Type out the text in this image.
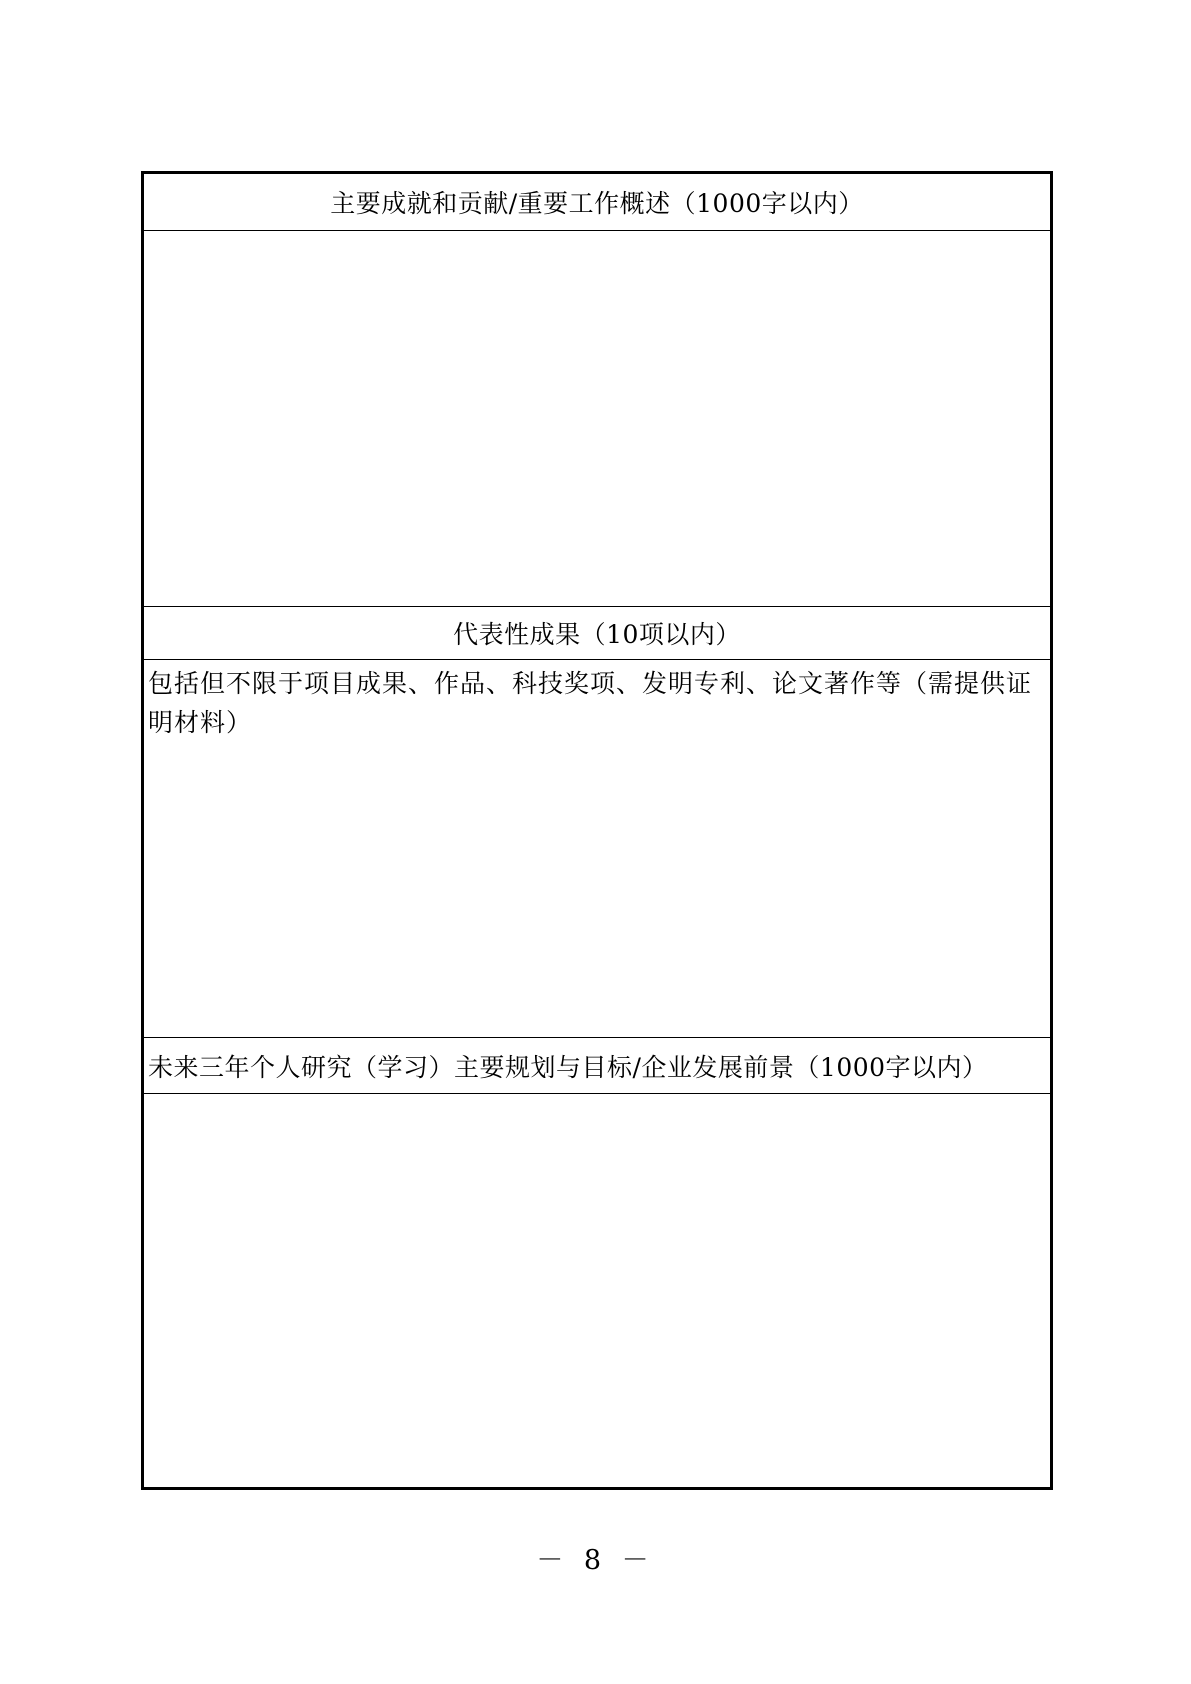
主要成就和贡献/重要工作概述（1000字以内）
代表性成果（10项以内）
包括但不限于项目成果、作品、科技奖项、发明专利、论文著作等（需提供证明材料）
未来三年个人研究（学习）主要规划与目标/企业发展前景（1000字以内）
－ 8 －
